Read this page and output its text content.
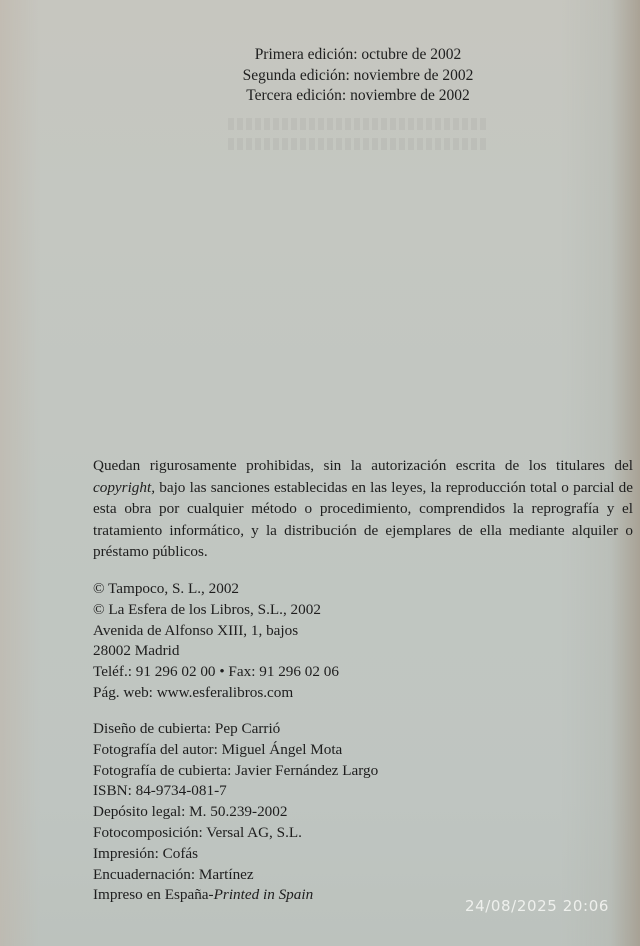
Primera edición: octubre de 2002
Segunda edición: noviembre de 2002
Tercera edición: noviembre de 2002

Quedan rigurosamente prohibidas, sin la autorización escrita de los titulares del copyright, bajo las sanciones establecidas en las leyes, la reproducción total o parcial de esta obra por cualquier método o procedimiento, comprendidos la reprografía y el tratamiento informático, y la distribución de ejemplares de ella mediante alquiler o préstamo públicos.

© Tampoco, S. L., 2002
© La Esfera de los Libros, S.L., 2002
Avenida de Alfonso XIII, 1, bajos
28002 Madrid
Teléf.: 91 296 02 00 • Fax: 91 296 02 06
Pág. web: www.esferalibros.com
Diseño de cubierta: Pep Carrió
Fotografía del autor: Miguel Ángel Mota
Fotografía de cubierta: Javier Fernández Largo
ISBN: 84-9734-081-7
Depósito legal: M. 50.239-2002
Fotocomposición: Versal AG, S.L.
Impresión: Cofás
Encuadernación: Martínez
Impreso en España-Printed in Spain
24/08/2025 20:06
